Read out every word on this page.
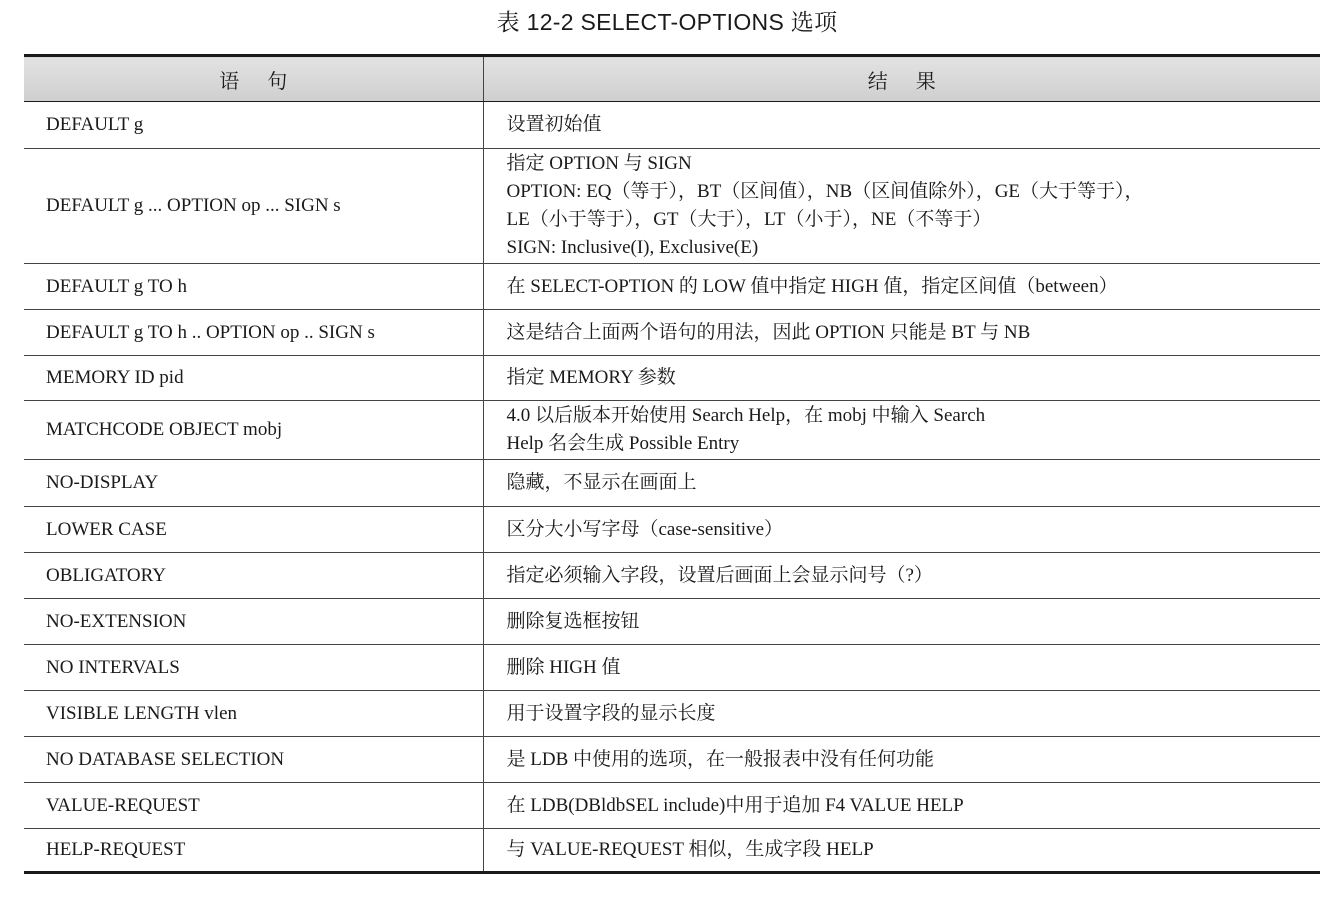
表 12-2 SELECT-OPTIONS 选项
语句	结果
DEFAULT g	设置初始值

DEFAULT g ... OPTION op ... SIGN s	指定 OPTION 与 SIGN
OPTION: EQ（等于），BT（区间值），NB（区间值除外），GE（大于等于），
LE（小于等于），GT（大于），LT（小于），NE（不等于）
SIGN: Inclusive(I), Exclusive(E)

DEFAULT g TO h	在 SELECT-OPTION 的 LOW 值中指定 HIGH 值，指定区间值（between）

DEFAULT g TO h .. OPTION op .. SIGN s	这是结合上面两个语句的用法，因此 OPTION 只能是 BT 与 NB

MEMORY ID pid	指定 MEMORY 参数

MATCHCODE OBJECT mobj	4.0 以后版本开始使用 Search Help，在 mobj 中输入 Search
Help 名会生成 Possible Entry

NO-DISPLAY	隐藏，不显示在画面上

LOWER CASE	区分大小写字母（case-sensitive）

OBLIGATORY	指定必须输入字段，设置后画面上会显示问号（?）

NO-EXTENSION	删除复选框按钮

NO INTERVALS	删除 HIGH 值

VISIBLE LENGTH vlen	用于设置字段的显示长度

NO DATABASE SELECTION	是 LDB 中使用的选项，在一般报表中没有任何功能

VALUE-REQUEST	在 LDB(DBldbSEL include)中用于追加 F4 VALUE HELP

HELP-REQUEST	与 VALUE-REQUEST 相似，生成字段 HELP
